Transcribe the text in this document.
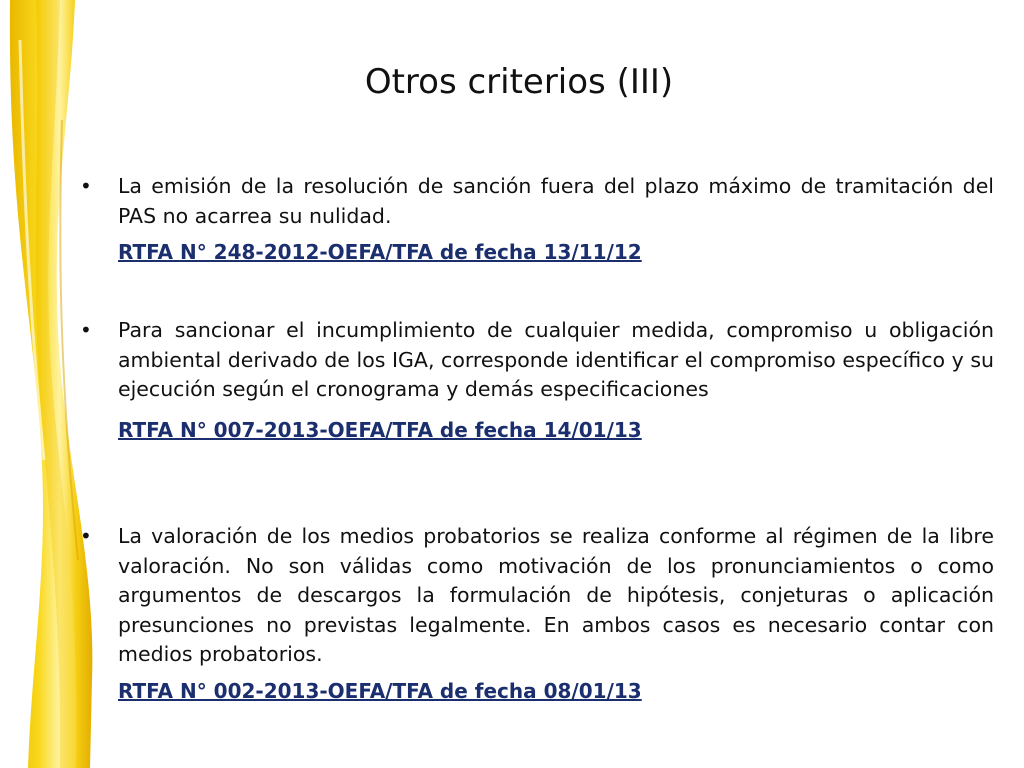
Otros criterios (III)
• La emisión de la resolución de sanción fuera del plazo máximo de tramitación del PAS no acarrea su nulidad.

RTFA N° 248-2012-OEFA/TFA de fecha 13/11/12
• Para sancionar el incumplimiento de cualquier medida, compromiso u obligación ambiental derivado de los IGA, corresponde identificar el compromiso específico y su ejecución según el cronograma y demás especificaciones

RTFA N° 007-2013-OEFA/TFA de fecha 14/01/13
• La valoración de los medios probatorios se realiza conforme al régimen de la libre valoración. No son válidas como motivación de los pronunciamientos o como argumentos de descargos la formulación de hipótesis, conjeturas o aplicación presunciones no previstas legalmente. En ambos casos es necesario contar con medios probatorios.

RTFA N° 002-2013-OEFA/TFA de fecha 08/01/13
